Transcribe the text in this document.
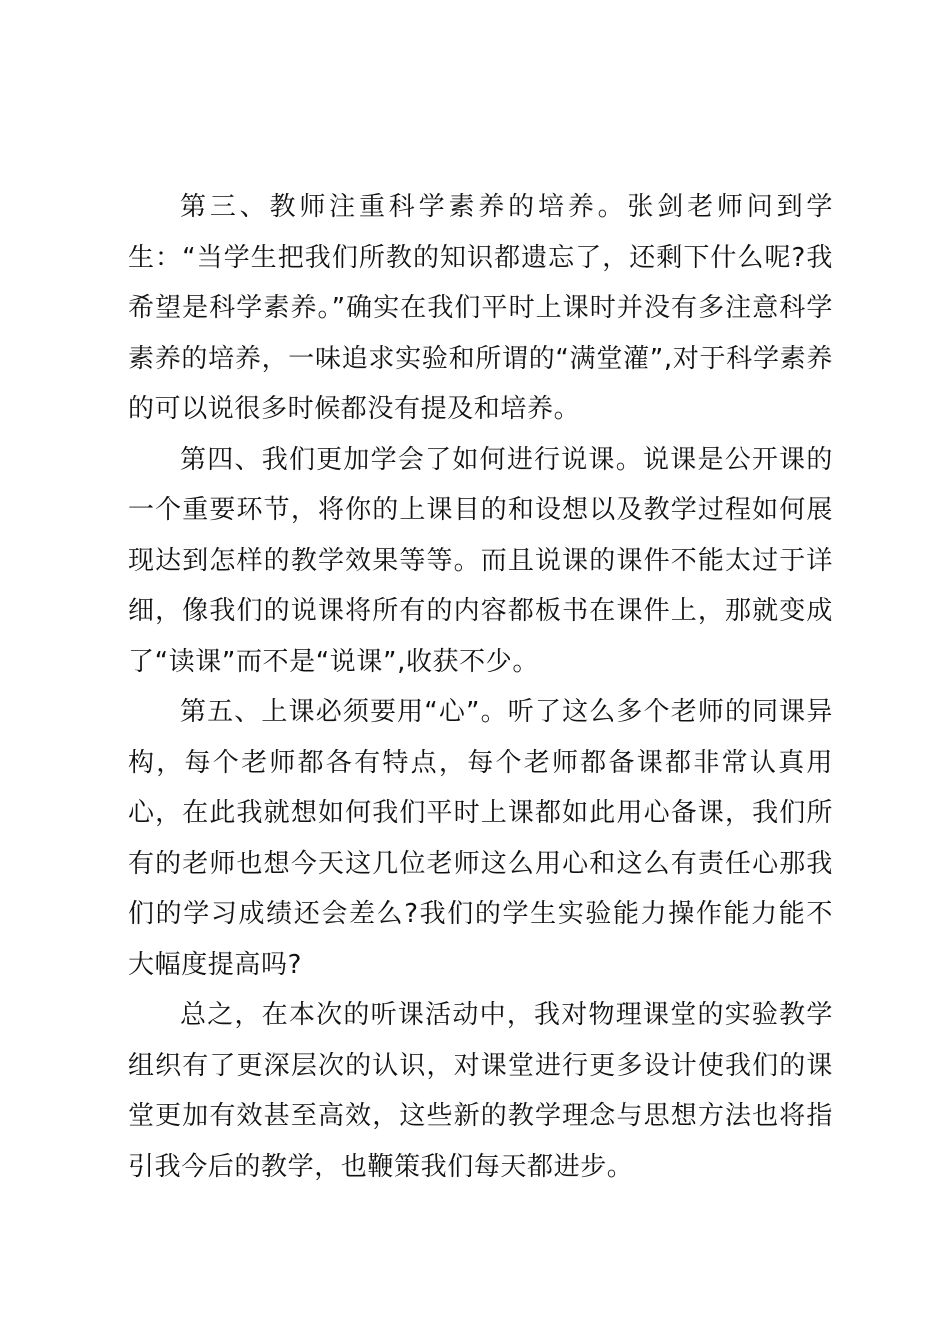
第三、教师注重科学素养的培养。张剑老师问到学生：“当学生把我们所教的知识都遗忘了，还剩下什么呢?我希望是科学素养。”确实在我们平时上课时并没有多注意科学素养的培养，一味追求实验和所谓的“满堂灌”,对于科学素养的可以说很多时候都没有提及和培养。

第四、我们更加学会了如何进行说课。说课是公开课的一个重要环节，将你的上课目的和设想以及教学过程如何展现达到怎样的教学效果等等。而且说课的课件不能太过于详细，像我们的说课将所有的内容都板书在课件上，那就变成了“读课”而不是“说课”,收获不少。

第五、上课必须要用“心”。听了这么多个老师的同课异构，每个老师都各有特点，每个老师都备课都非常认真用心，在此我就想如何我们平时上课都如此用心备课，我们所有的老师也想今天这几位老师这么用心和这么有责任心那我们的学习成绩还会差么?我们的学生实验能力操作能力能不大幅度提高吗?

总之，在本次的听课活动中，我对物理课堂的实验教学组织有了更深层次的认识，对课堂进行更多设计使我们的课堂更加有效甚至高效，这些新的教学理念与思想方法也将指引我今后的教学，也鞭策我们每天都进步。
